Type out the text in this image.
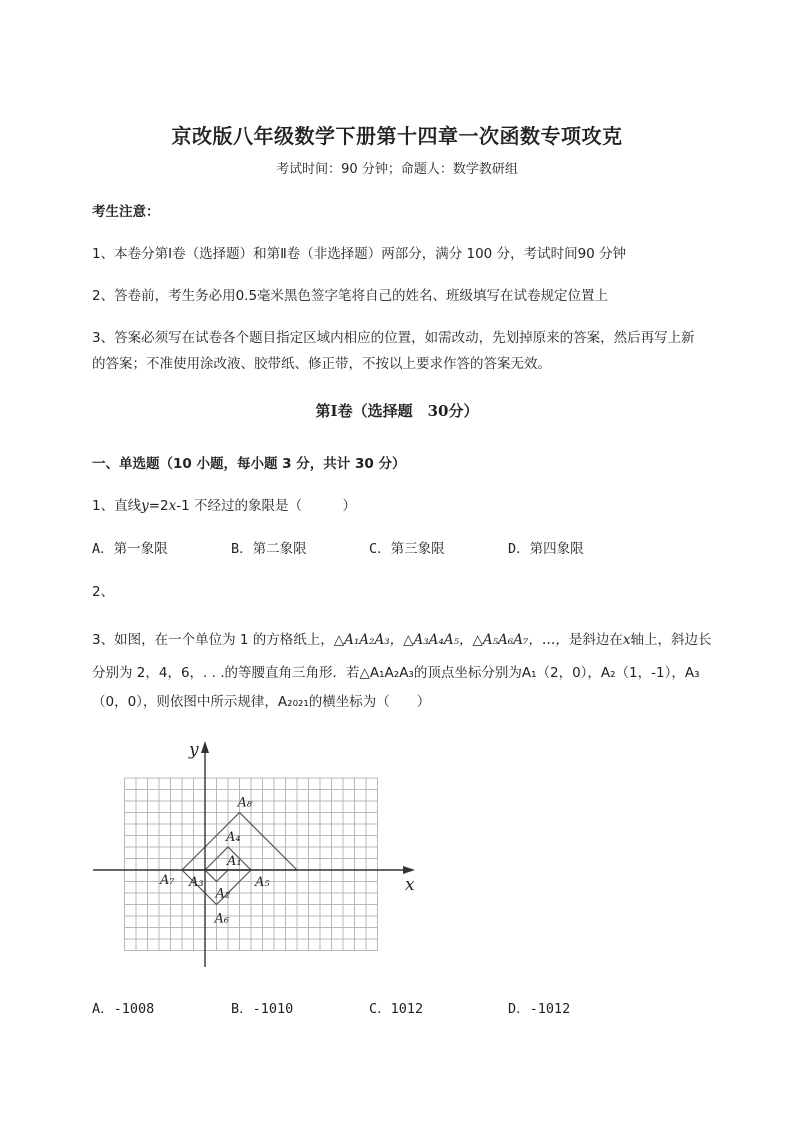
京改版八年级数学下册第十四章一次函数专项攻克
考试时间：90 分钟；命题人：数学教研组
考生注意：
1、本卷分第Ⅰ卷（选择题）和第Ⅱ卷（非选择题）两部分，满分 100 分，考试时间90 分钟
2、答卷前，考生务必用0.5毫米黑色签字笔将自己的姓名、班级填写在试卷规定位置上
3、答案必须写在试卷各个题目指定区域内相应的位置，如需改动，先划掉原来的答案，然后再写上新
的答案；不准使用涂改液、胶带纸、修正带，不按以上要求作答的答案无效。
第Ⅰ卷（选择题　30分）
一、单选题（10 小题，每小题 3 分，共计 30 分）
1、直线y=2x-1 不经过的象限是（　　　）
A．第一象限	B．第二象限	C．第三象限	D．第四象限
2、
3、如图，在一个单位为 1 的方格纸上，△A₁A₂A₃，△A₃A₄A₅，△A₅A₆A₇，…，是斜边在x轴上，斜边长
分别为 2，4，6，. . .的等腰直角三角形．若△A₁A₂A₃的顶点坐标分别为A₁（2，0），A₂（1，-1），A₃
（0，0），则依图中所示规律，A₂₀₂₁的横坐标为（　　）
x
y
A₁
A₂
A₃
A₄
A₅
A₆
A₇
A₈
A．-1008	B．-1010	C．1012	D．-1012
